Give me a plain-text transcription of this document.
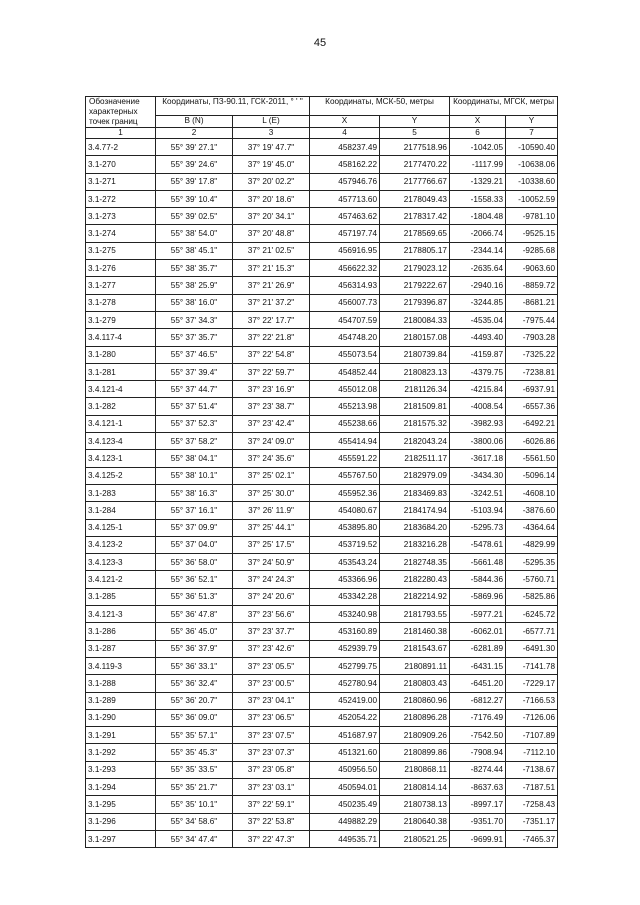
45
Обозначение характерных точек границ	Координаты, ПЗ-90.11, ГСК-2011, ° ' "		Координаты, МСК-50, метры		Координаты, МГСК, метры	
	B (N)	L (E)	X	Y	X	Y
1	2	3	4	5	6	7
3.4.77-2	55° 39' 27.1"	37° 19' 47.7"	458237.49	2177518.96	-1042.05	-10590.40
3.1-270	55° 39' 24.6"	37° 19' 45.0"	458162.22	2177470.22	-1117.99	-10638.06
3.1-271	55° 39' 17.8"	37° 20' 02.2"	457946.76	2177766.67	-1329.21	-10338.60
3.1-272	55° 39' 10.4"	37° 20' 18.6"	457713.60	2178049.43	-1558.33	-10052.59
3.1-273	55° 39' 02.5"	37° 20' 34.1"	457463.62	2178317.42	-1804.48	-9781.10
3.1-274	55° 38' 54.0"	37° 20' 48.8"	457197.74	2178569.65	-2066.74	-9525.15
3.1-275	55° 38' 45.1"	37° 21' 02.5"	456916.95	2178805.17	-2344.14	-9285.68
3.1-276	55° 38' 35.7"	37° 21' 15.3"	456622.32	2179023.12	-2635.64	-9063.60
3.1-277	55° 38' 25.9"	37° 21' 26.9"	456314.93	2179222.67	-2940.16	-8859.72
3.1-278	55° 38' 16.0"	37° 21' 37.2"	456007.73	2179396.87	-3244.85	-8681.21
3.1-279	55° 37' 34.3"	37° 22' 17.7"	454707.59	2180084.33	-4535.04	-7975.44
3.4.117-4	55° 37' 35.7"	37° 22' 21.8"	454748.20	2180157.08	-4493.40	-7903.28
3.1-280	55° 37' 46.5"	37° 22' 54.8"	455073.54	2180739.84	-4159.87	-7325.22
3.1-281	55° 37' 39.4"	37° 22' 59.7"	454852.44	2180823.13	-4379.75	-7238.81
3.4.121-4	55° 37' 44.7"	37° 23' 16.9"	455012.08	2181126.34	-4215.84	-6937.91
3.1-282	55° 37' 51.4"	37° 23' 38.7"	455213.98	2181509.81	-4008.54	-6557.36
3.4.121-1	55° 37' 52.3"	37° 23' 42.4"	455238.66	2181575.32	-3982.93	-6492.21
3.4.123-4	55° 37' 58.2"	37° 24' 09.0"	455414.94	2182043.24	-3800.06	-6026.86
3.4.123-1	55° 38' 04.1"	37° 24' 35.6"	455591.22	2182511.17	-3617.18	-5561.50
3.4.125-2	55° 38' 10.1"	37° 25' 02.1"	455767.50	2182979.09	-3434.30	-5096.14
3.1-283	55° 38' 16.3"	37° 25' 30.0"	455952.36	2183469.83	-3242.51	-4608.10
3.1-284	55° 37' 16.1"	37° 26' 11.9"	454080.67	2184174.94	-5103.94	-3876.60
3.4.125-1	55° 37' 09.9"	37° 25' 44.1"	453895.80	2183684.20	-5295.73	-4364.64
3.4.123-2	55° 37' 04.0"	37° 25' 17.5"	453719.52	2183216.28	-5478.61	-4829.99
3.4.123-3	55° 36' 58.0"	37° 24' 50.9"	453543.24	2182748.35	-5661.48	-5295.35
3.4.121-2	55° 36' 52.1"	37° 24' 24.3"	453366.96	2182280.43	-5844.36	-5760.71
3.1-285	55° 36' 51.3"	37° 24' 20.6"	453342.28	2182214.92	-5869.96	-5825.86
3.4.121-3	55° 36' 47.8"	37° 23' 56.6"	453240.98	2181793.55	-5977.21	-6245.72
3.1-286	55° 36' 45.0"	37° 23' 37.7"	453160.89	2181460.38	-6062.01	-6577.71
3.1-287	55° 36' 37.9"	37° 23' 42.6"	452939.79	2181543.67	-6281.89	-6491.30
3.4.119-3	55° 36' 33.1"	37° 23' 05.5"	452799.75	2180891.11	-6431.15	-7141.78
3.1-288	55° 36' 32.4"	37° 23' 00.5"	452780.94	2180803.43	-6451.20	-7229.17
3.1-289	55° 36' 20.7"	37° 23' 04.1"	452419.00	2180860.96	-6812.27	-7166.53
3.1-290	55° 36' 09.0"	37° 23' 06.5"	452054.22	2180896.28	-7176.49	-7126.06
3.1-291	55° 35' 57.1"	37° 23' 07.5"	451687.97	2180909.26	-7542.50	-7107.89
3.1-292	55° 35' 45.3"	37° 23' 07.3"	451321.60	2180899.86	-7908.94	-7112.10
3.1-293	55° 35' 33.5"	37° 23' 05.8"	450956.50	2180868.11	-8274.44	-7138.67
3.1-294	55° 35' 21.7"	37° 23' 03.1"	450594.01	2180814.14	-8637.63	-7187.51
3.1-295	55° 35' 10.1"	37° 22' 59.1"	450235.49	2180738.13	-8997.17	-7258.43
3.1-296	55° 34' 58.6"	37° 22' 53.8"	449882.29	2180640.38	-9351.70	-7351.17
3.1-297	55° 34' 47.4"	37° 22' 47.3"	449535.71	2180521.25	-9699.91	-7465.37
